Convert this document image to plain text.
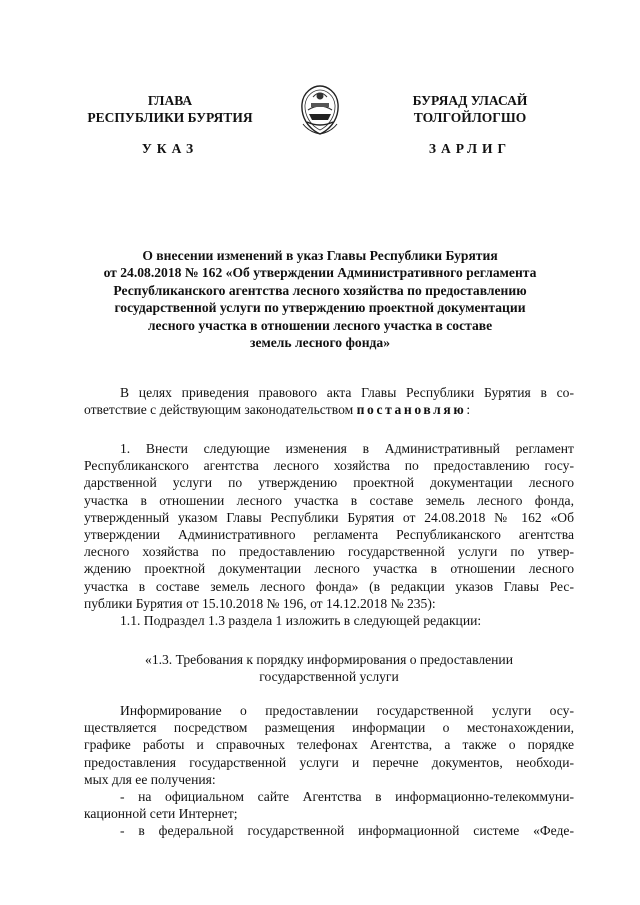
ГЛАВА
РЕСПУБЛИКИ БУРЯТИЯ
БУРЯАД УЛАСАЙ
ТОЛГОЙЛОГШО
УКАЗ	ЗАРЛИГ
О внесении изменений в указ Главы Республики Бурятия
от 24.08.2018 № 162 «Об утверждении Административного регламента
Республиканского агентства лесного хозяйства по предоставлению
государственной услуги по утверждению проектной документации
лесного участка в отношении лесного участка в составе
земель лесного фонда»
В целях приведения правового акта Главы Республики Бурятия в со-
ответствие с действующим законодательством постановляю:
1. Внести следующие изменения в Административный регламент
Республиканского агентства лесного хозяйства по предоставлению госу-
дарственной услуги по утверждению проектной документации лесного
участка в отношении лесного участка в составе земель лесного фонда,
утвержденный указом Главы Республики Бурятия от 24.08.2018 № 162 «Об
утверждении Административного регламента Республиканского агентства
лесного хозяйства по предоставлению государственной услуги по утвер-
ждению проектной документации лесного участка в отношении лесного
участка в составе земель лесного фонда» (в редакции указов Главы Рес-
публики Бурятия от 15.10.2018 № 196, от 14.12.2018 № 235):
1.1. Подраздел 1.3 раздела 1 изложить в следующей редакции:
«1.3. Требования к порядку информирования о предоставлении
государственной услуги
Информирование о предоставлении государственной услуги осу-
ществляется посредством размещения информации о местонахождении,
графике работы и справочных телефонах Агентства, а также о порядке
предоставления государственной услуги и перечне документов, необходи-
мых для ее получения:
- на официальном сайте Агентства в информационно-телекоммуни-
кационной сети Интернет;
- в федеральной государственной информационной системе «Феде-
